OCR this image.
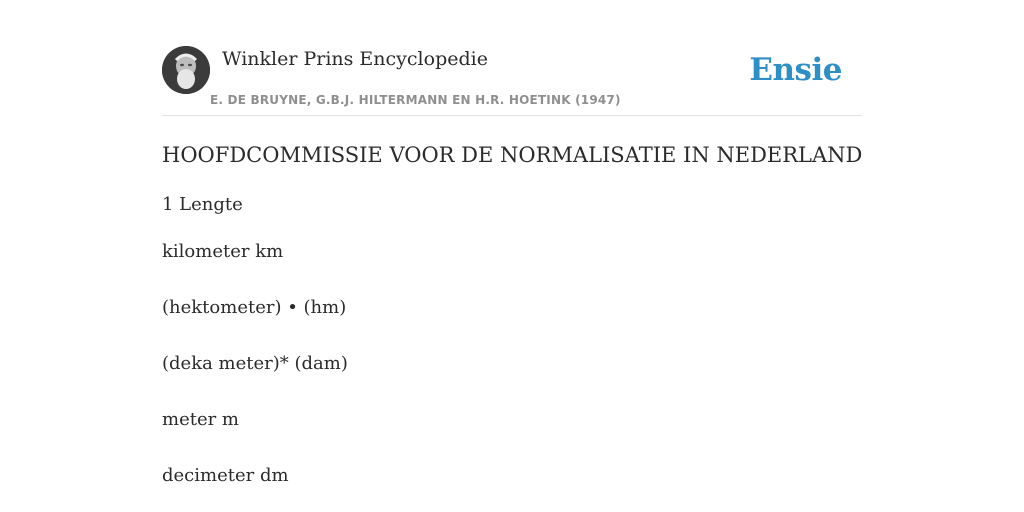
Winkler Prins Encyclopedie
E. DE BRUYNE, G.B.J. HILTERMANN EN H.R. HOETINK (1947)
Ensie
HOOFDCOMMISSIE VOOR DE NORMALISATIE IN NEDERLAND
1 Lengte
kilometer km
(hektometer) • (hm)
(deka meter)* (dam)
meter m
decimeter dm
